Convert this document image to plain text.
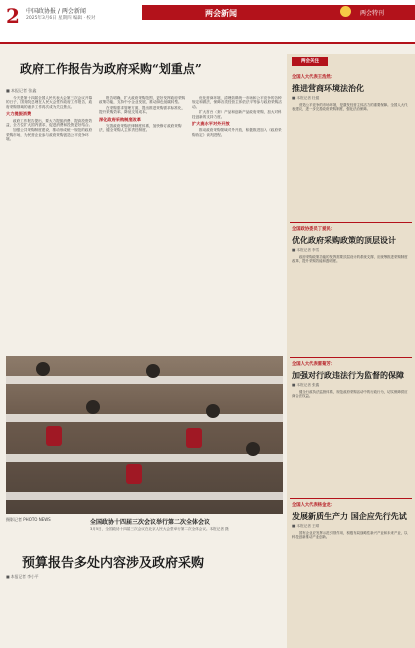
2 中国政协报 / 两会新闻
2025年3月6日 星期四 编辑 · 校对
两会新闻	两会特刊
政府工作报告为政府采购“划重点”
■ 本报记者 张鑫

今天是第十四届全国人民代表大会第三次会议开幕的日子，国务院总理在人民大会堂作政府工作报告，政府采购领域的诸多工作再次成为关注焦点。

大力提振消费

政府工作报告提出，要大力提振消费、提高投资效益，全方位扩大国内需求，促进消费和投资更好结合。

加强公共采购制度建设，推动形成统一规范的政府采购市场，为民营企业参与政府采购创造公平竞争环境。

报告明确，扩大政府采购范围，更好发挥政府采购政策功能，支持中小企业发展，推动绿色低碳转型。

在采购需求管理方面，提出推进采购需求标准化，提升采购效率，降低交易成本。

深化政府采购制度改革

完善政府采购法律制度体系，加快修订政府采购法，健全采购人主体责任制度。

优化营商环境，清理妨碍统一市场和公平竞争的各种规定和做法，保障各类经营主体依法平等参与政府采购活动。

扩大首台（套）产品和创新产品政府采购，加大对科技创新的支持力度。

扩大高水平对外开放

推动政府采购领域对外开放，积极推进加入《政府采购协定》谈判进程。

摄影记者 PHOTO NEWS	全国政协十四届三次会议举行第二次全体会议
3月5日，全国政协十四届三次会议在北京人民大会堂举行第二次全体会议。本报记者 摄
预算报告多处内容涉及政府采购
■ 本报记者 李小平
两会关注
全国人大代表王浩然：
推进营商环境法治化
■ 本报记者 杜健

营造公平竞争的市场环境，是激发经营主体活力的重要保障。全国人大代表建议，进一步完善政府采购制度，强化法治保障。

全国政协委员丁爱民：
优化政府采购政策的顶层设计
■ 本报记者 李雪

政府采购政策功能的发挥需要顶层设计的系统支撑，应统筹推进采购制度改革，提升采购效能和透明度。

全国人大代表雷菊芳：
加强对行政违法行为监督的保障
■ 本报记者 张鑫

健全行政执法监督体系，规范政府采购活动中的行政行为，切实保障供应商合法权益。

全国人大代表杨金龙：
发展新质生产力 国企应先行先试
■ 本报记者 王晴

国有企业应发挥示范引领作用，积极布局战略性新兴产业和未来产业，以科技创新推动产业创新。
